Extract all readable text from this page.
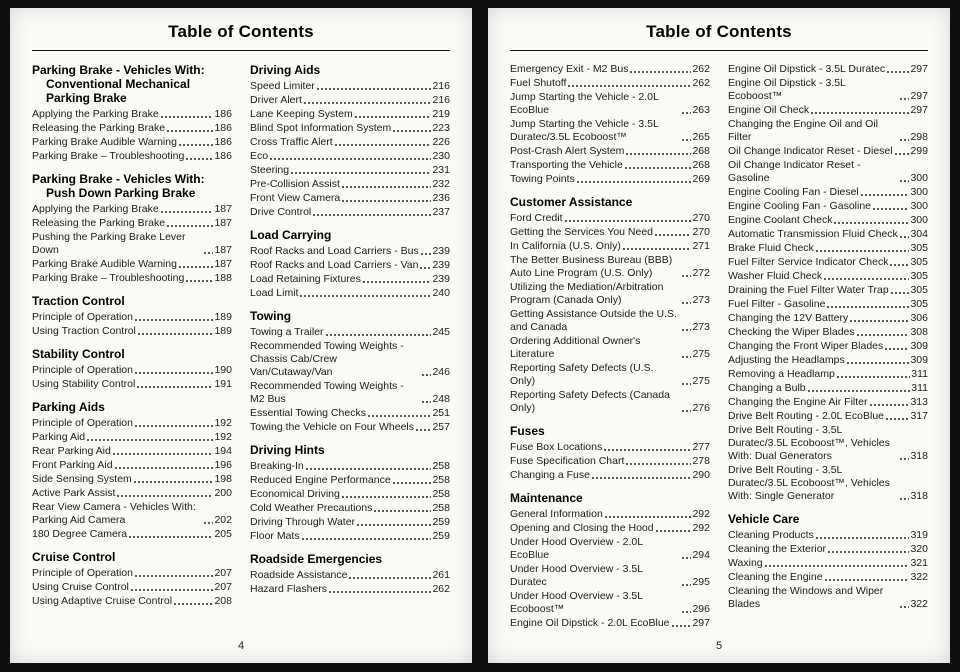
Table of Contents
Parking Brake - Vehicles With: Conventional Mechanical Parking Brake
Applying the Parking Brake	186
Releasing the Parking Brake	186
Parking Brake Audible Warning	186
Parking Brake – Troubleshooting	186
Parking Brake - Vehicles With: Push Down Parking Brake
Applying the Parking Brake	187
Releasing the Parking Brake	187
Pushing the Parking Brake Lever Down	187
Parking Brake Audible Warning	187
Parking Brake – Troubleshooting	188
Traction Control
Principle of Operation	189
Using Traction Control	189
Stability Control
Principle of Operation	190
Using Stability Control	191
Parking Aids
Principle of Operation	192
Parking Aid	192
Rear Parking Aid	194
Front Parking Aid	196
Side Sensing System	198
Active Park Assist	200
Rear View Camera - Vehicles With: Parking Aid Camera	202
180 Degree Camera	205
Cruise Control
Principle of Operation	207
Using Cruise Control	207
Using Adaptive Cruise Control	208
Driving Aids
Speed Limiter	216
Driver Alert	216
Lane Keeping System	219
Blind Spot Information System	223
Cross Traffic Alert	226
Eco	230
Steering	231
Pre-Collision Assist	232
Front View Camera	236
Drive Control	237
Load Carrying
Roof Racks and Load Carriers - Bus 239
Roof Racks and Load Carriers - Van 239
Load Retaining Fixtures	239
Load Limit	240
Towing
Towing a Trailer	245
Recommended Towing Weights - Chassis Cab/Crew Van/Cutaway/Van	246
Recommended Towing Weights - M2 Bus	248
Essential Towing Checks	251
Towing the Vehicle on Four Wheels 257
Driving Hints
Breaking-In	258
Reduced Engine Performance	258
Economical Driving	258
Cold Weather Precautions	258
Driving Through Water	259
Floor Mats	259
Roadside Emergencies
Roadside Assistance	261
Hazard Flashers	262
4
Table of Contents
Emergency Exit - M2 Bus	262
Fuel Shutoff	262
Jump Starting the Vehicle - 2.0L EcoBlue	263
Jump Starting the Vehicle - 3.5L Duratec/3.5L Ecoboost™	265
Post-Crash Alert System	268
Transporting the Vehicle	268
Towing Points	269
Customer Assistance
Ford Credit	270
Getting the Services You Need	270
In California (U.S. Only)	271
The Better Business Bureau (BBB) Auto Line Program (U.S. Only)	272
Utilizing the Mediation/Arbitration Program (Canada Only)	273
Getting Assistance Outside the U.S. and Canada	273
Ordering Additional Owner's Literature	275
Reporting Safety Defects (U.S. Only)	275
Reporting Safety Defects (Canada Only)	276
Fuses
Fuse Box Locations	277
Fuse Specification Chart	278
Changing a Fuse	290
Maintenance
General Information	292
Opening and Closing the Hood	292
Under Hood Overview - 2.0L EcoBlue	294
Under Hood Overview - 3.5L Duratec	295
Under Hood Overview - 3.5L Ecoboost™	296
Engine Oil Dipstick - 2.0L EcoBlue 297
Engine Oil Dipstick - 3.5L Duratec 297
Engine Oil Dipstick - 3.5L Ecoboost™	297
Engine Oil Check	297
Changing the Engine Oil and Oil Filter	298
Oil Change Indicator Reset - Diesel 299
Oil Change Indicator Reset - Gasoline	300
Engine Cooling Fan - Diesel	300
Engine Cooling Fan - Gasoline	300
Engine Coolant Check	300
Automatic Transmission Fluid Check 304
Brake Fluid Check	305
Fuel Filter Service Indicator Check 305
Washer Fluid Check	305
Draining the Fuel Filter Water Trap 305
Fuel Filter - Gasoline	305
Changing the 12V Battery	306
Checking the Wiper Blades	308
Changing the Front Wiper Blades	309
Adjusting the Headlamps	309
Removing a Headlamp	311
Changing a Bulb	311
Changing the Engine Air Filter	313
Drive Belt Routing - 2.0L EcoBlue	317
Drive Belt Routing - 3.5L Duratec/3.5L Ecoboost™, Vehicles With: Dual Generators	318
Drive Belt Routing - 3.5L Duratec/3.5L Ecoboost™, Vehicles With: Single Generator	318
Vehicle Care
Cleaning Products	319
Cleaning the Exterior	320
Waxing	321
Cleaning the Engine	322
Cleaning the Windows and Wiper Blades	322
5
